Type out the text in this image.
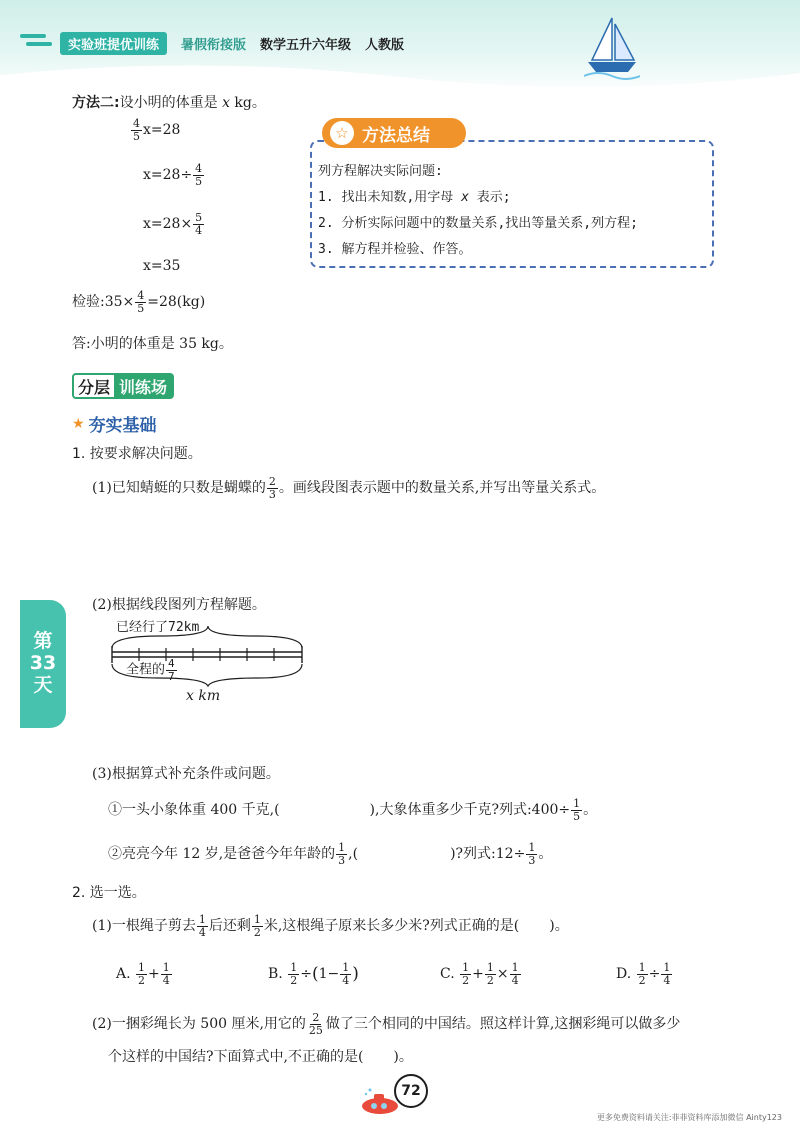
实验班提优训练	暑假衔接版 数学五升六年级 人教版
方法二:设小明的体重是 x kg。
$\frac{4}{5} x=28$
$x=28\div \frac{4}{5}$
$x=28\times \frac{5}{4}$
x=35
检验:35× $\frac{4}{5} =28(kg)$
答:小明的体重是 35 kg。
☆ 方法总结
列方程解决实际问题:
1. 找出未知数,用字母 x 表示;
2. 分析实际问题中的数量关系,找出等量关系,列方程;
3. 解方程并检验、作答。
分层 训练场
★ 夯实基础
1. 按要求解决问题。
(1)已知蜻蜓的只数是蝴蝶的 $\frac{2}{3}$ 。画线段图表示题中的数量关系,并写出等量关系式。
(2)根据线段图列方程解题。
已经行了72km
全程的 $\frac{4}{7}$
x km
(3)根据算式补充条件或问题。
①一头小象体重 400 千克,(	),大象体重多少千克?列式:400÷ $\frac{1}{5}$ 。
②亮亮今年 12 岁,是爸爸今年年龄的 $\frac{1}{3}$ ,(	)?列式:12÷ $\frac{1}{3}$ 。
2. 选一选。
(1)一根绳子剪去 $\frac{1}{4}$ 后还剩 $\frac{1}{2}$ 米,这根绳子原来长多少米?列式正确的是( )。
A. $\frac{1}{2} + \frac{1}{4}$	B. $\frac{1}{2} \div(1- \frac{1}{4}$ )	C. $\frac{1}{2} + \frac{1}{2} \times \frac{1}{4}$	D. $\frac{1}{2} \div \frac{1}{4}$
(2)一捆彩绳长为 500 厘米,用它的 $\frac{2}{25}$ 做了三个相同的中国结。照这样计算,这捆彩绳可以做多少
个这样的中国结?下面算式中,不正确的是( )。
第
33
天
72
更多免费资料请关注:菲菲资料库添加微信 Ainty123
